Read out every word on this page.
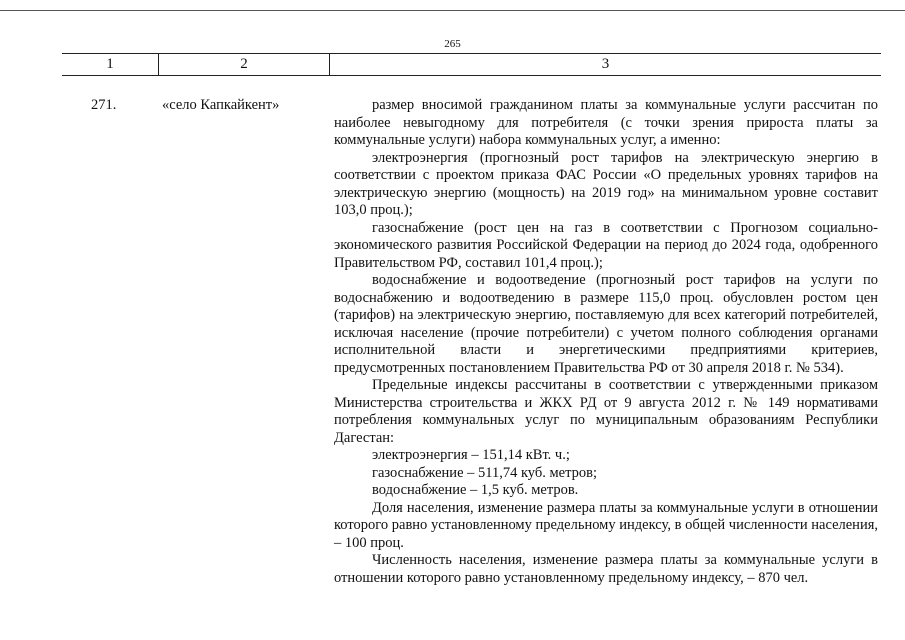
265
1	2	3
271.	«село Капкайкент»	размер вносимой гражданином платы за коммунальные услуги рассчитан по наиболее невыгодному для потребителя (с точки зрения прироста платы за коммунальные услуги) набора коммунальных услуг, а именно:

электроэнергия (прогнозный рост тарифов на электрическую энергию в соответствии с проектом приказа ФАС России «О предельных уровнях тарифов на электрическую энергию (мощность) на 2019 год» на минимальном уровне составит 103,0 проц.);

газоснабжение (рост цен на газ в соответствии с Прогнозом социально-экономического развития Российской Федерации на период до 2024 года, одобренного Правительством РФ, составил 101,4 проц.);

водоснабжение и водоотведение (прогнозный рост тарифов на услуги по водоснабжению и водоотведению в размере 115,0 проц. обусловлен ростом цен (тарифов) на электрическую энергию, поставляемую для всех категорий потребителей, исключая население (прочие потребители) с учетом полного соблюдения органами исполнительной власти и энергетическими предприятиями критериев, предусмотренных постановлением Правительства РФ от 30 апреля 2018 г. № 534).

Предельные индексы рассчитаны в соответствии с утвержденными приказом Министерства строительства и ЖКХ РД от 9 августа 2012 г. № 149 нормативами потребления коммунальных услуг по муниципальным образованиям Республики Дагестан:

электроэнергия – 151,14 кВт. ч.;

газоснабжение – 511,74 куб. метров;

водоснабжение – 1,5 куб. метров.

Доля населения, изменение размера платы за коммунальные услуги в отношении которого равно установленному предельному индексу, в общей численности населения, – 100 проц.

Численность населения, изменение размера платы за коммунальные услуги в отношении которого равно установленному предельному индексу, – 870 чел.
